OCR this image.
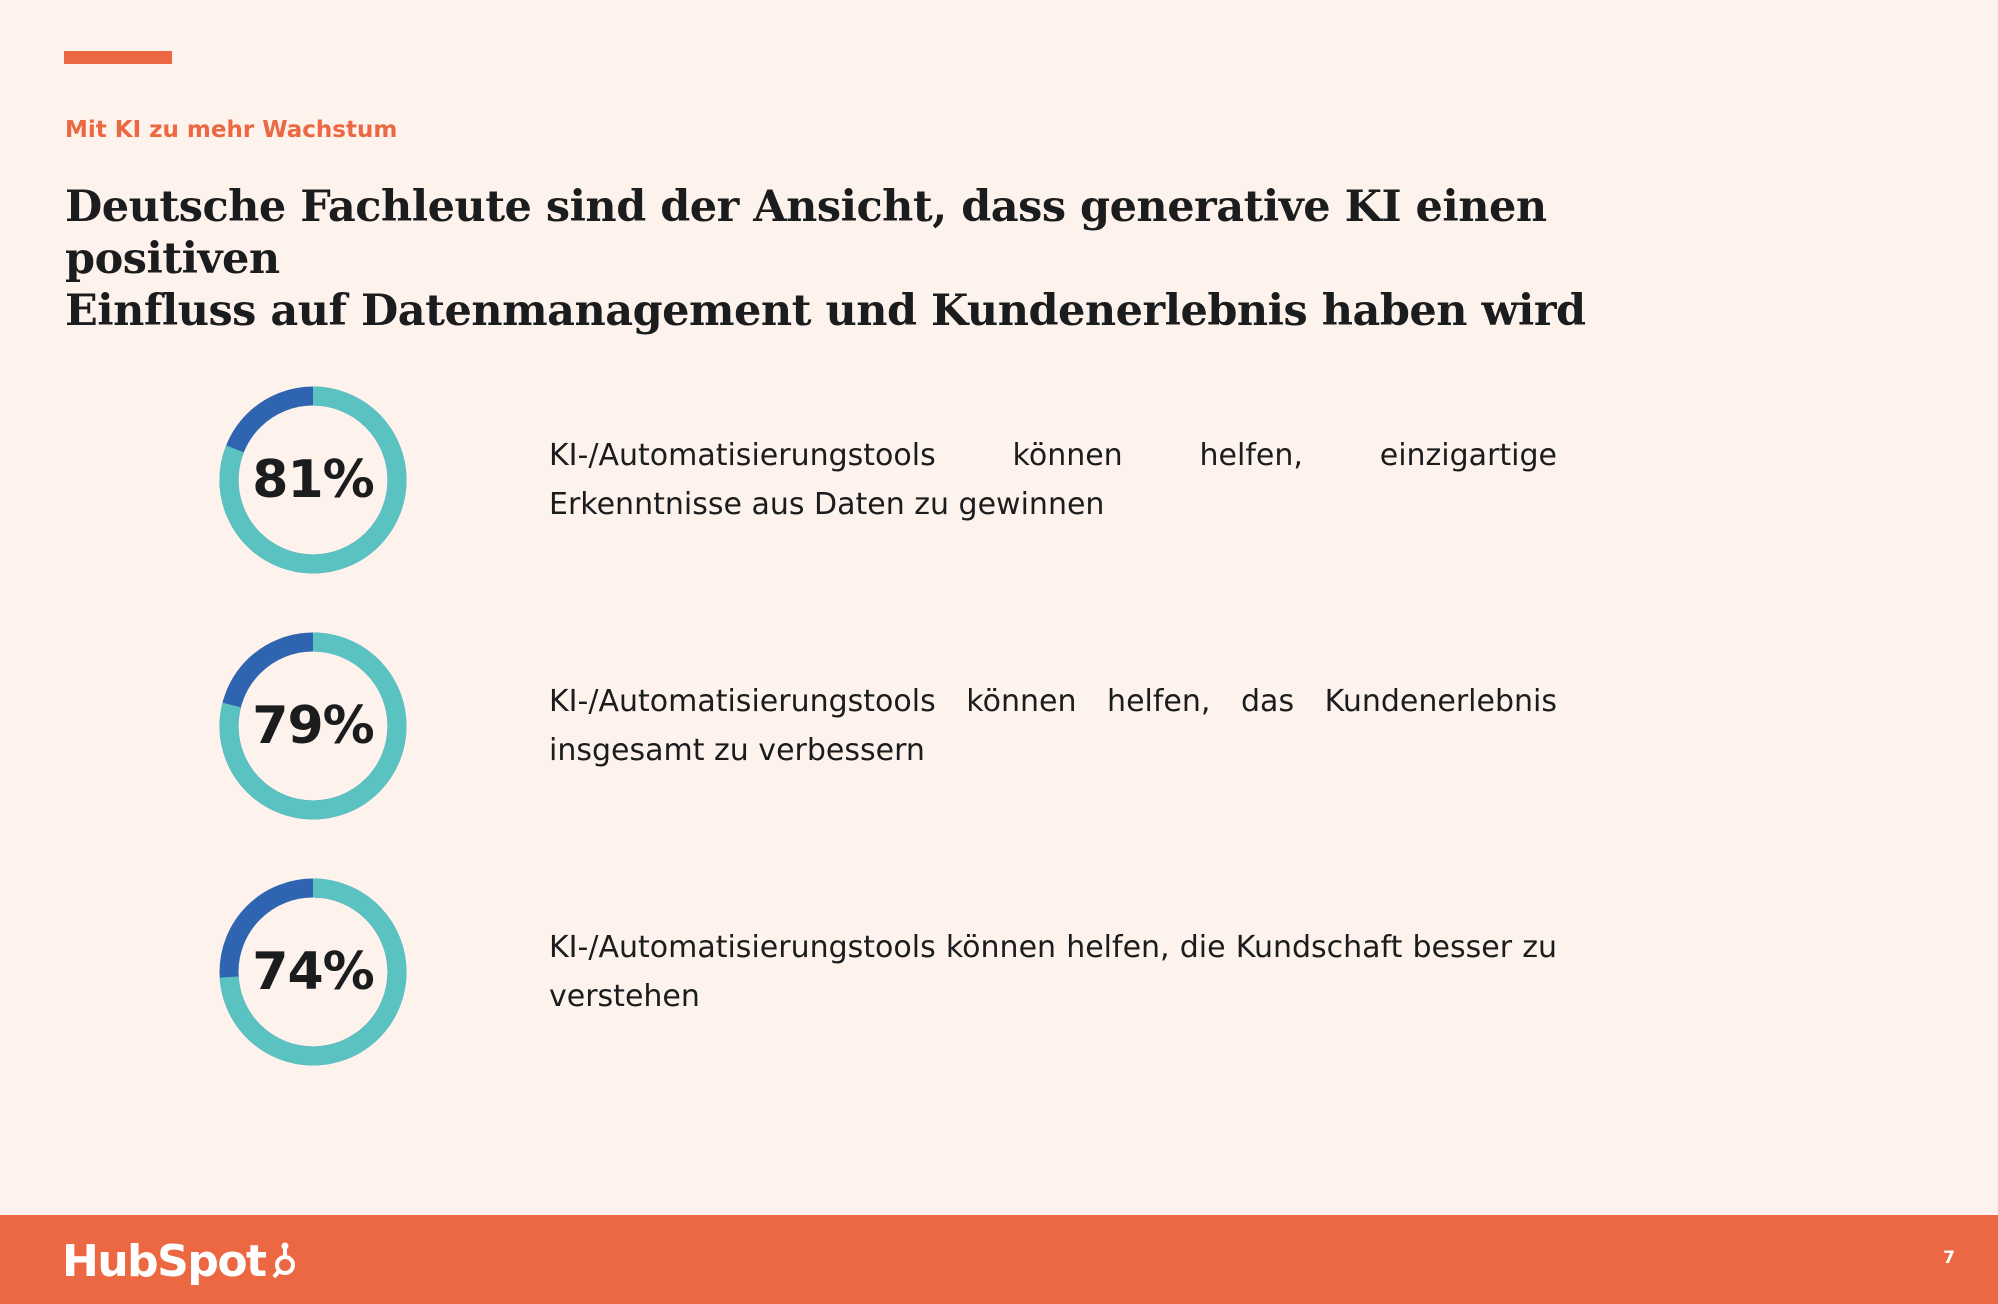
Mit KI zu mehr Wachstum
Deutsche Fachleute sind der Ansicht, dass generative KI einen positiven
Einfluss auf Datenmanagement und Kundenerlebnis haben wird
81%	KI-/Automatisierungstools können helfen, einzigartige Erkenntnisse aus Daten zu gewinnen

79%	KI-/Automatisierungstools können helfen, das Kundenerlebnis insgesamt zu verbessern

74%	KI-/Automatisierungstools können helfen, die Kundschaft besser zu verstehen

HubSpot	7
